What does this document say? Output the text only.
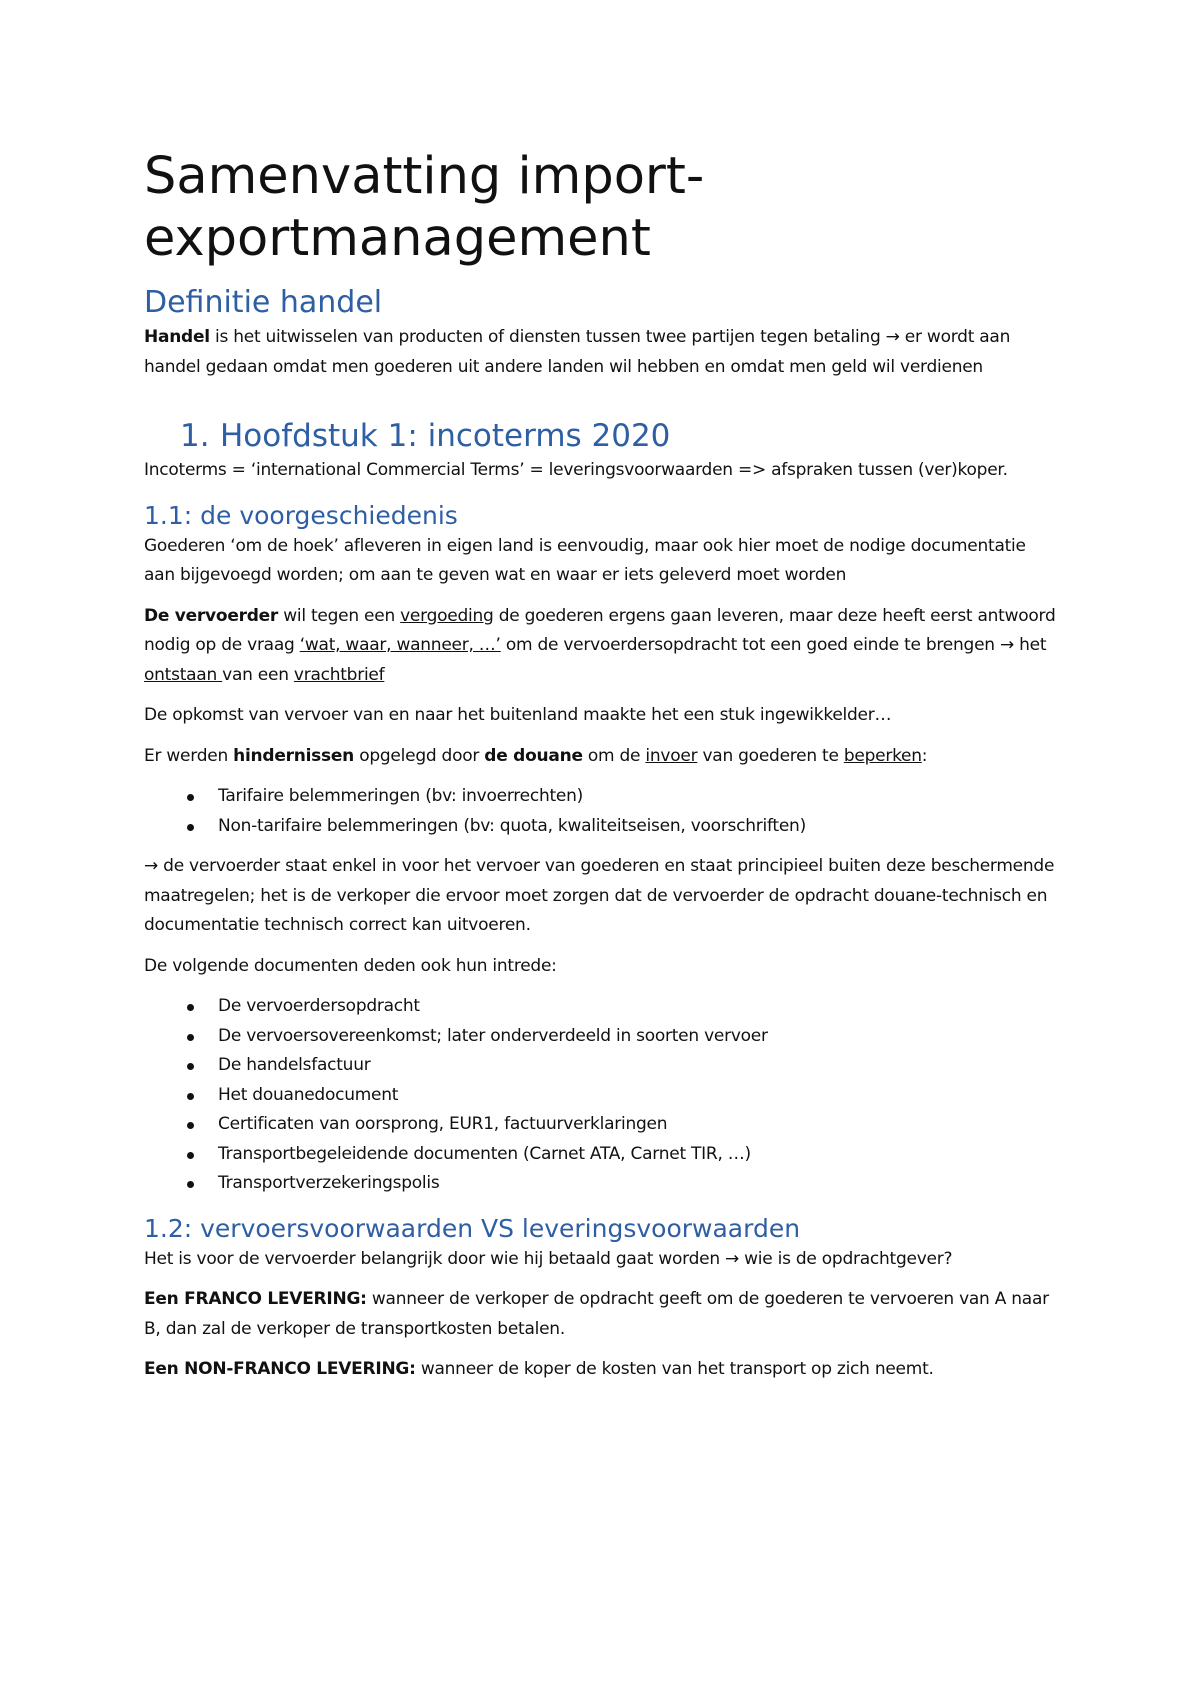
Samenvatting import-
exportmanagement
Definitie handel

Handel is het uitwisselen van producten of diensten tussen twee partijen tegen betaling → er wordt aan handel gedaan omdat men goederen uit andere landen wil hebben en omdat men geld wil verdienen

1. Hoofdstuk 1: incoterms 2020

Incoterms = ‘international Commercial Terms’ = leveringsvoorwaarden => afspraken tussen (ver)koper.

1.1: de voorgeschiedenis

Goederen ‘om de hoek’ afleveren in eigen land is eenvoudig, maar ook hier moet de nodige documentatie aan bijgevoegd worden; om aan te geven wat en waar er iets geleverd moet worden

De vervoerder wil tegen een vergoeding de goederen ergens gaan leveren, maar deze heeft eerst antwoord nodig op de vraag ‘wat, waar, wanneer, …’ om de vervoerdersopdracht tot een goed einde te brengen → het ontstaan van een vrachtbrief

De opkomst van vervoer van en naar het buitenland maakte het een stuk ingewikkelder…

Er werden hindernissen opgelegd door de douane om de invoer van goederen te beperken:

Tarifaire belemmeringen (bv: invoerrechten)
Non-tarifaire belemmeringen (bv: quota, kwaliteitseisen, voorschriften)

→ de vervoerder staat enkel in voor het vervoer van goederen en staat principieel buiten deze beschermende maatregelen; het is de verkoper die ervoor moet zorgen dat de vervoerder de opdracht douane-technisch en documentatie technisch correct kan uitvoeren.

De volgende documenten deden ook hun intrede:

De vervoerdersopdracht
De vervoersovereenkomst; later onderverdeeld in soorten vervoer
De handelsfactuur
Het douanedocument
Certificaten van oorsprong, EUR1, factuurverklaringen
Transportbegeleidende documenten (Carnet ATA, Carnet TIR, …)
Transportverzekeringspolis
1.2: vervoersvoorwaarden VS leveringsvoorwaarden

Het is voor de vervoerder belangrijk door wie hij betaald gaat worden → wie is de opdrachtgever?

Een FRANCO LEVERING: wanneer de verkoper de opdracht geeft om de goederen te vervoeren van A naar B, dan zal de verkoper de transportkosten betalen.

Een NON-FRANCO LEVERING: wanneer de koper de kosten van het transport op zich neemt.
